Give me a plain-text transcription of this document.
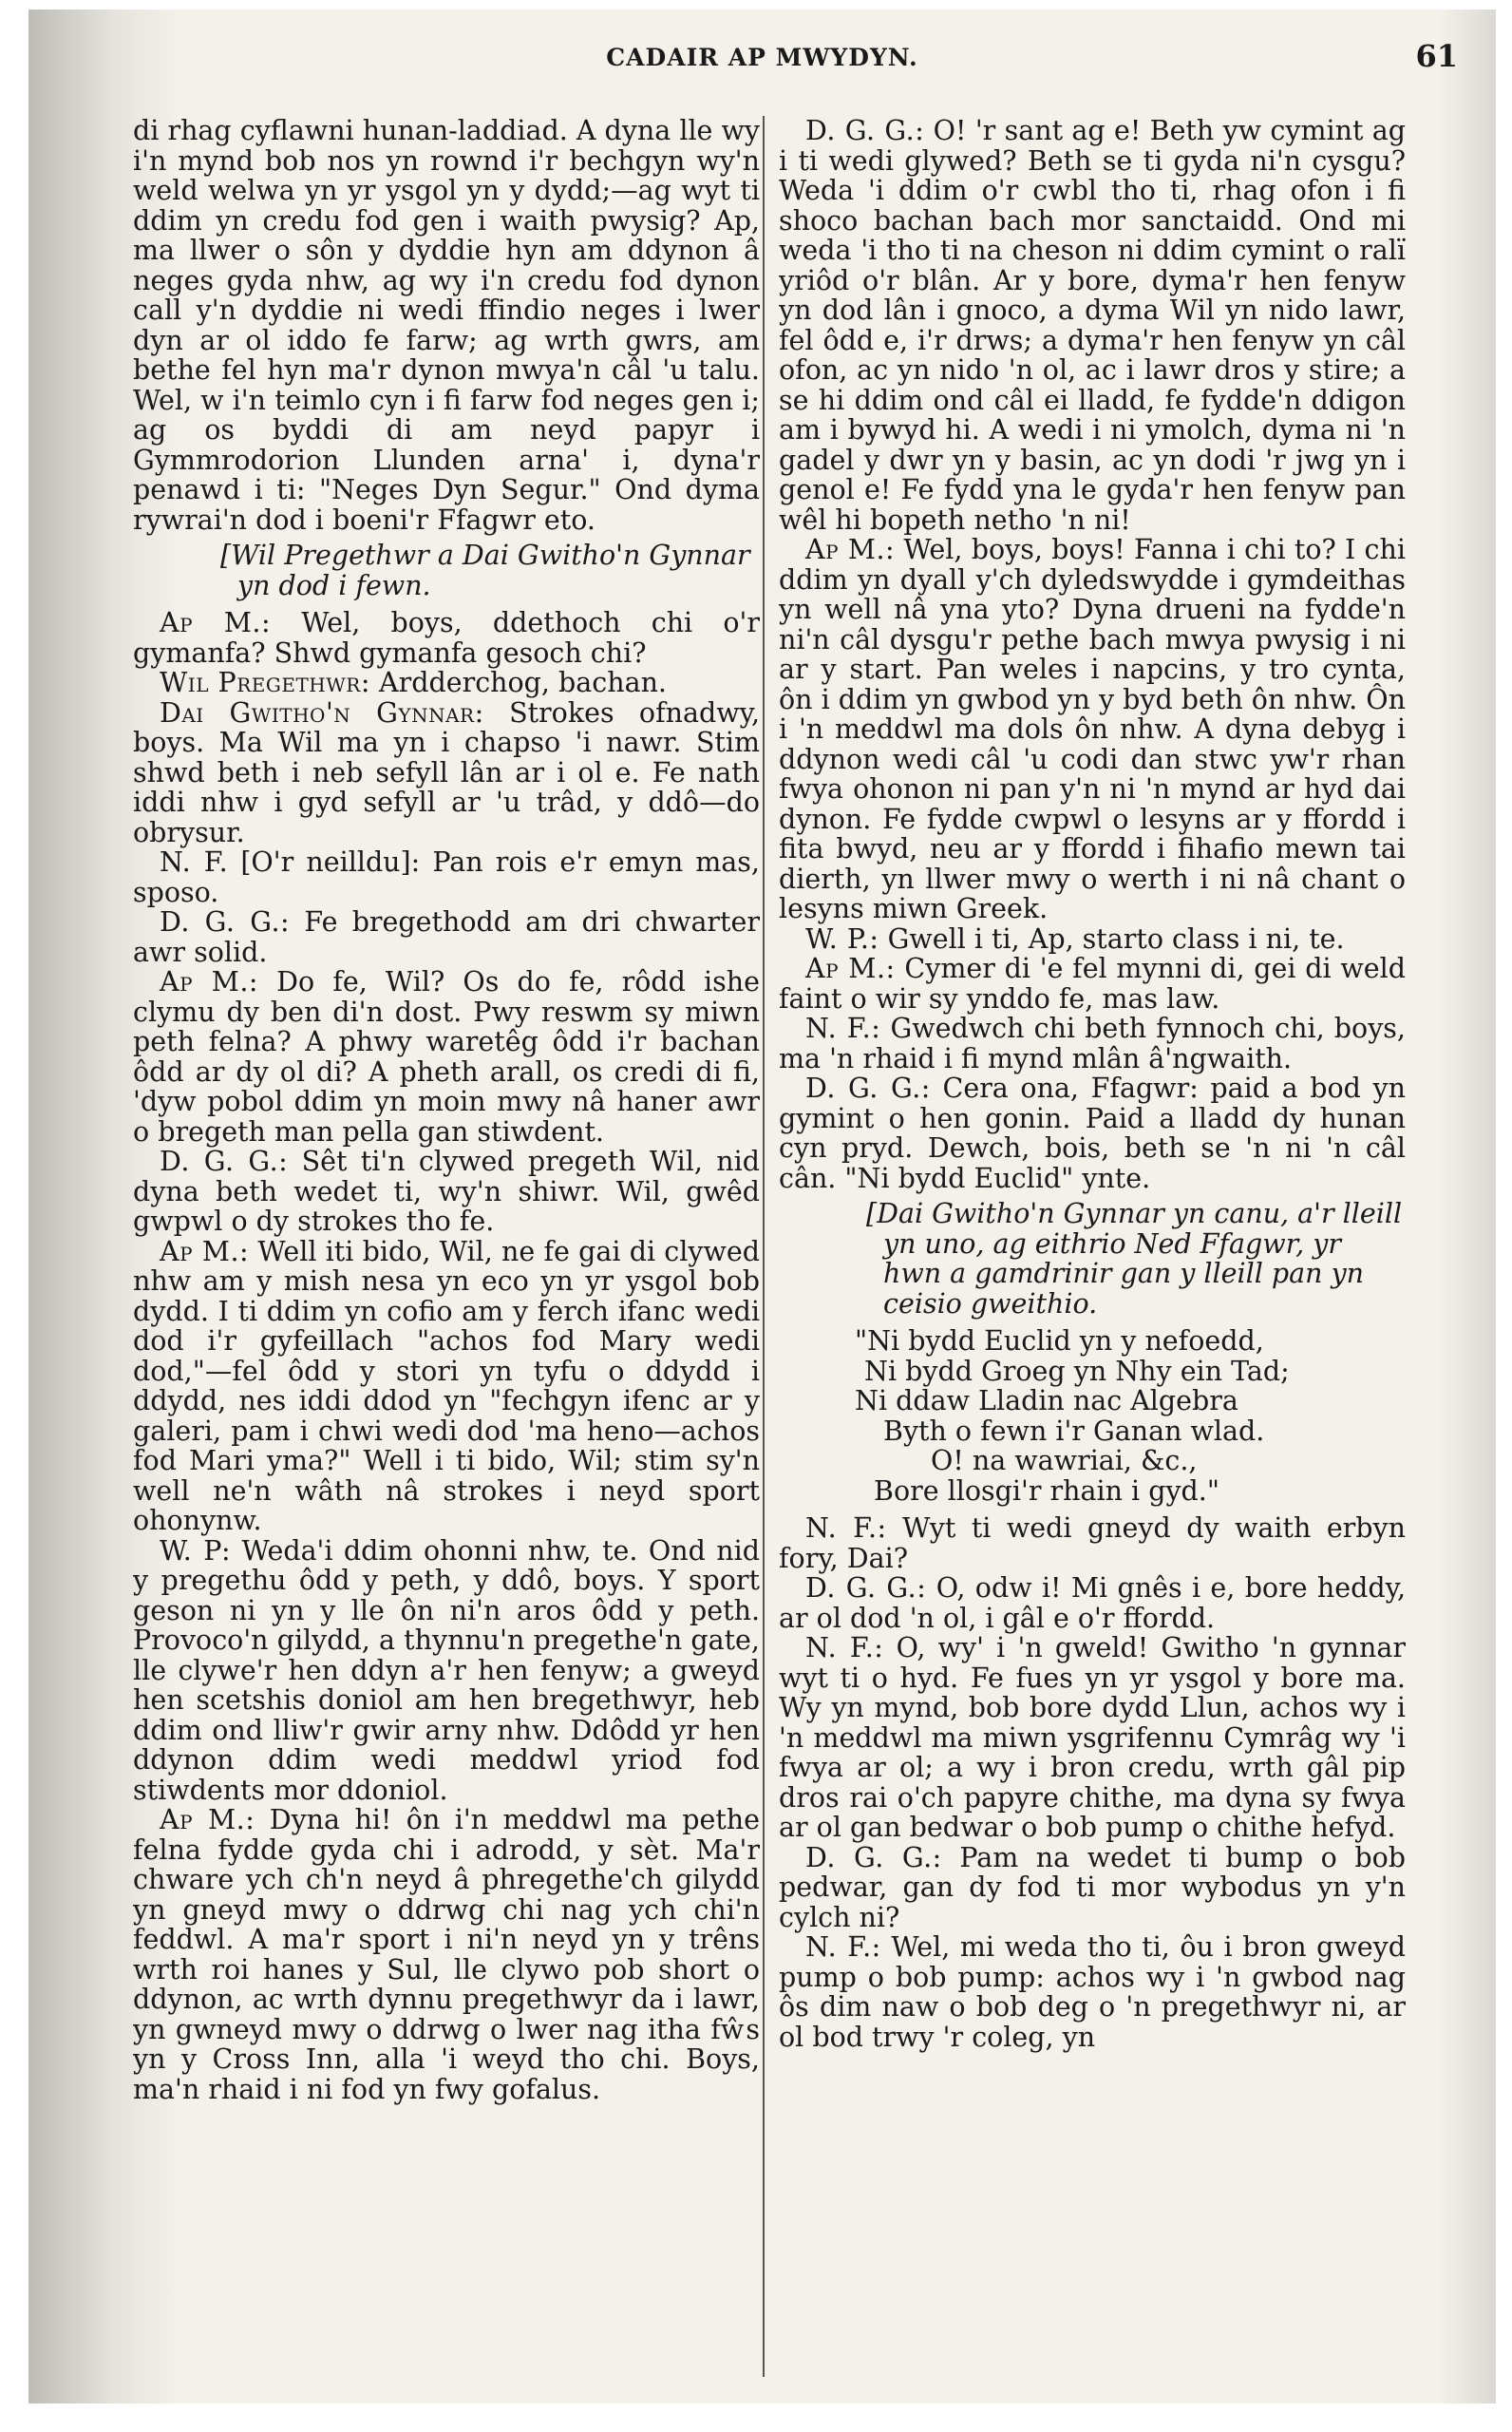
CADAIR AP MWYDYN.	61

di rhag cyflawni hunan-laddiad. A dyna lle wy i'n mynd bob nos yn rownd i'r bechgyn wy'n weld welwa yn yr ysgol yn y dydd;—ag wyt ti ddim yn credu fod gen i waith pwysig? Ap, ma llwer o sôn y dyddie hyn am ddynon â neges gyda nhw, ag wy i'n credu fod dynon call y'n dyddie ni wedi ffindio neges i lwer dyn ar ol iddo fe farw; ag wrth gwrs, am bethe fel hyn ma'r dynon mwya'n câl 'u talu. Wel, w i'n teimlo cyn i fi farw fod neges gen i; ag os byddi di am neyd papyr i Gymmrodorion Llunden arna' i, dyna'r penawd i ti: "Neges Dyn Segur." Ond dyma rywrai'n dod i boeni'r Ffagwr eto.

[Wil Pregethwr a Dai Gwitho'n Gynnar yn dod i fewn.

Ap M.: Wel, boys, ddethoch chi o'r gymanfa? Shwd gymanfa gesoch chi?

Wil Pregethwr: Ardderchog, bachan.

Dai Gwitho'n Gynnar: Strokes ofnadwy, boys. Ma Wil ma yn i chapso 'i nawr. Stim shwd beth i neb sefyll lân ar i ol e. Fe nath iddi nhw i gyd sefyll ar 'u trâd, y ddô—do obrysur.

N. F. [O'r neilldu]: Pan rois e'r emyn mas, sposo.

D. G. G.: Fe bregethodd am dri chwarter awr solid.

Ap M.: Do fe, Wil? Os do fe, rôdd ishe clymu dy ben di'n dost. Pwy reswm sy miwn peth felna? A phwy waretêg ôdd i'r bachan ôdd ar dy ol di? A pheth arall, os credi di fi, 'dyw pobol ddim yn moin mwy nâ haner awr o bregeth man pella gan stiwdent.

D. G. G.: Sêt ti'n clywed pregeth Wil, nid dyna beth wedet ti, wy'n shiwr. Wil, gwêd gwpwl o dy strokes tho fe.

Ap M.: Well iti bido, Wil, ne fe gai di clywed nhw am y mish nesa yn eco yn yr ysgol bob dydd. I ti ddim yn cofio am y ferch ifanc wedi dod i'r gyfeillach "achos fod Mary wedi dod,"—fel ôdd y stori yn tyfu o ddydd i ddydd, nes iddi ddod yn "fechgyn ifenc ar y galeri, pam i chwi wedi dod 'ma heno—achos fod Mari yma?" Well i ti bido, Wil; stim sy'n well ne'n wâth nâ strokes i neyd sport ohonynw.

W. P: Weda'i ddim ohonni nhw, te. Ond nid y pregethu ôdd y peth, y ddô, boys. Y sport geson ni yn y lle ôn ni'n aros ôdd y peth. Provoco'n gilydd, a thynnu'n pregethe'n gate, lle clywe'r hen ddyn a'r hen fenyw; a gweyd hen scetshis doniol am hen bregethwyr, heb ddim ond lliw'r gwir arny nhw. Ddôdd yr hen ddynon ddim wedi meddwl yriod fod stiwdents mor ddoniol.

Ap M.: Dyna hi! ôn i'n meddwl ma pethe felna fydde gyda chi i adrodd, y sèt. Ma'r chware ych ch'n neyd â phregethe'ch gilydd yn gneyd mwy o ddrwg chi nag ych chi'n feddwl. A ma'r sport i ni'n neyd yn y trêns wrth roi hanes y Sul, lle clywo pob short o ddynon, ac wrth dynnu pregethwyr da i lawr, yn gwneyd mwy o ddrwg o lwer nag itha fŵs yn y Cross Inn, alla 'i weyd tho chi. Boys, ma'n rhaid i ni fod yn fwy gofalus.

D. G. G.: O! 'r sant ag e! Beth yw cymint ag i ti wedi glywed? Beth se ti gyda ni'n cysgu? Weda 'i ddim o'r cwbl tho ti, rhag ofon i fi shoco bachan bach mor sanctaidd. Ond mi weda 'i tho ti na cheson ni ddim cymint o ralï yriôd o'r blân. Ar y bore, dyma'r hen fenyw yn dod lân i gnoco, a dyma Wil yn nido lawr, fel ôdd e, i'r drws; a dyma'r hen fenyw yn câl ofon, ac yn nido 'n ol, ac i lawr dros y stire; a se hi ddim ond câl ei lladd, fe fydde'n ddigon am i bywyd hi. A wedi i ni ymolch, dyma ni 'n gadel y dwr yn y basin, ac yn dodi 'r jwg yn i genol e! Fe fydd yna le gyda'r hen fenyw pan wêl hi bopeth netho 'n ni!

Ap M.: Wel, boys, boys! Fanna i chi to? I chi ddim yn dyall y'ch dyledswydde i gymdeithas yn well nâ yna yto? Dyna drueni na fydde'n ni'n câl dysgu'r pethe bach mwya pwysig i ni ar y start. Pan weles i napcins, y tro cynta, ôn i ddim yn gwbod yn y byd beth ôn nhw. Ôn i 'n meddwl ma dols ôn nhw. A dyna debyg i ddynon wedi câl 'u codi dan stwc yw'r rhan fwya ohonon ni pan y'n ni 'n mynd ar hyd dai dynon. Fe fydde cwpwl o lesyns ar y ffordd i fita bwyd, neu ar y ffordd i fihafio mewn tai dierth, yn llwer mwy o werth i ni nâ chant o lesyns miwn Greek.

W. P.: Gwell i ti, Ap, starto class i ni, te.

Ap M.: Cymer di 'e fel mynni di, gei di weld faint o wir sy ynddo fe, mas law.

N. F.: Gwedwch chi beth fynnoch chi, boys, ma 'n rhaid i fi mynd mlân â'ngwaith.

D. G. G.: Cera ona, Ffagwr: paid a bod yn gymint o hen gonin. Paid a lladd dy hunan cyn pryd. Dewch, bois, beth se 'n ni 'n câl cân. "Ni bydd Euclid" ynte.

[Dai Gwitho'n Gynnar yn canu, a'r lleill yn uno, ag eithrio Ned Ffagwr, yr hwn a gamdrinir gan y lleill pan yn ceisio gweithio.
"Ni bydd Euclid yn y nefoedd,
Ni bydd Groeg yn Nhy ein Tad;
Ni ddaw Lladin nac Algebra
Byth o fewn i'r Ganan wlad.
O! na wawriai, &c.,
Bore llosgi'r rhain i gyd."

N. F.: Wyt ti wedi gneyd dy waith erbyn fory, Dai?

D. G. G.: O, odw i! Mi gnês i e, bore heddy, ar ol dod 'n ol, i gâl e o'r ffordd.

N. F.: O, wy' i 'n gweld! Gwitho 'n gynnar wyt ti o hyd. Fe fues yn yr ysgol y bore ma. Wy yn mynd, bob bore dydd Llun, achos wy i 'n meddwl ma miwn ysgrifennu Cymrâg wy 'i fwya ar ol; a wy i bron credu, wrth gâl pip dros rai o'ch papyre chithe, ma dyna sy fwya ar ol gan bedwar o bob pump o chithe hefyd.

D. G. G.: Pam na wedet ti bump o bob pedwar, gan dy fod ti mor wybodus yn y'n cylch ni?

N. F.: Wel, mi weda tho ti, ôu i bron gweyd pump o bob pump: achos wy i 'n gwbod nag ôs dim naw o bob deg o 'n pregethwyr ni, ar ol bod trwy 'r coleg, yn
